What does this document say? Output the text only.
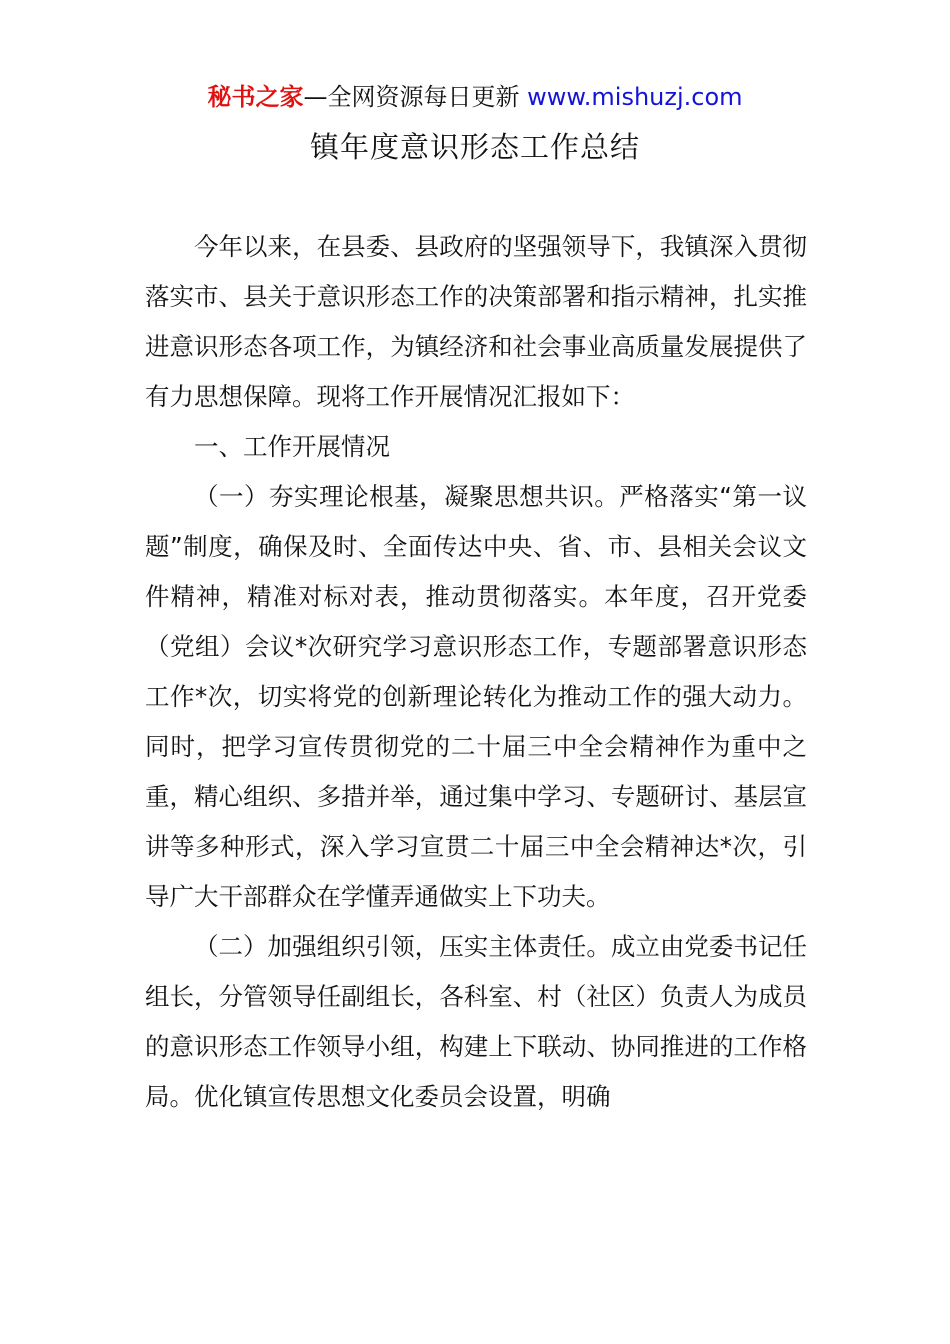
秘书之家—全网资源每日更新 www.mishuzj.com
镇年度意识形态工作总结

今年以来，在县委、县政府的坚强领导下，我镇深入贯彻落实市、县关于意识形态工作的决策部署和指示精神，扎实推进意识形态各项工作，为镇经济和社会事业高质量发展提供了有力思想保障。现将工作开展情况汇报如下：

一、工作开展情况

（一）夯实理论根基，凝聚思想共识。严格落实“第一议题”制度，确保及时、全面传达中央、省、市、县相关会议文件精神，精准对标对表，推动贯彻落实。本年度，召开党委（党组）会议*次研究学习意识形态工作，专题部署意识形态工作*次，切实将党的创新理论转化为推动工作的强大动力。同时，把学习宣传贯彻党的二十届三中全会精神作为重中之重，精心组织、多措并举，通过集中学习、专题研讨、基层宣讲等多种形式，深入学习宣贯二十届三中全会精神达*次，引导广大干部群众在学懂弄通做实上下功夫。

（二）加强组织引领，压实主体责任。成立由党委书记任组长，分管领导任副组长，各科室、村（社区）负责人为成员的意识形态工作领导小组，构建上下联动、协同推进的工作格局。优化镇宣传思想文化委员会设置，明确
